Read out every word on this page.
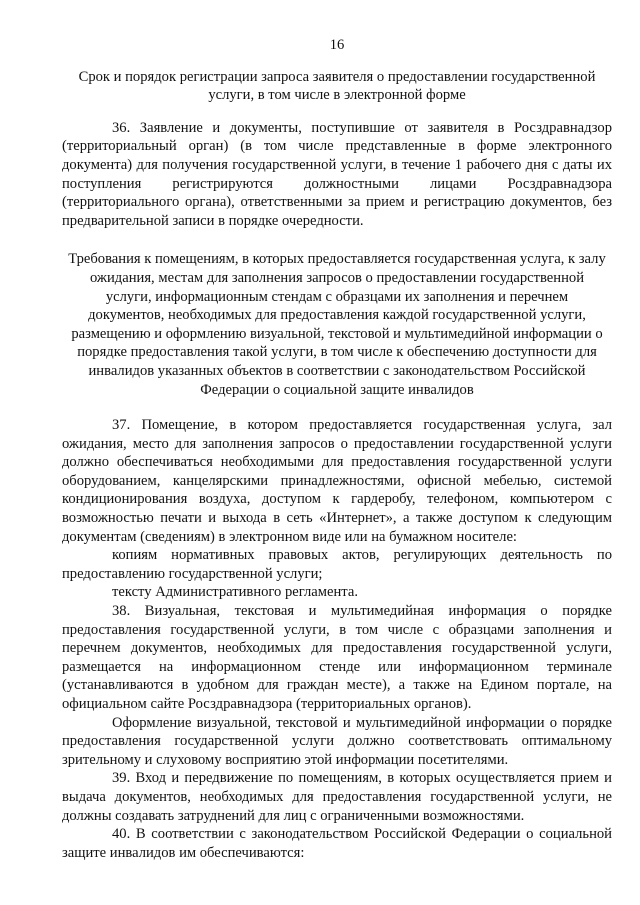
16
Срок и порядок регистрации запроса заявителя о предоставлении государственной услуги, в том числе в электронной форме

36. Заявление и документы, поступившие от заявителя в Росздравнадзор (территориальный орган) (в том числе представленные в форме электронного документа) для получения государственной услуги, в течение 1 рабочего дня с даты их поступления регистрируются должностными лицами Росздравнадзора (территориального органа), ответственными за прием и регистрацию документов, без предварительной записи в порядке очередности.

Требования к помещениям, в которых предоставляется государственная услуга, к залу ожидания, местам для заполнения запросов о предоставлении государственной услуги, информационным стендам с образцами их заполнения и перечнем документов, необходимых для предоставления каждой государственной услуги, размещению и оформлению визуальной, текстовой и мультимедийной информации о порядке предоставления такой услуги, в том числе к обеспечению доступности для инвалидов указанных объектов в соответствии с законодательством Российской Федерации о социальной защите инвалидов

37. Помещение, в котором предоставляется государственная услуга, зал ожидания, место для заполнения запросов о предоставлении государственной услуги должно обеспечиваться необходимыми для предоставления государственной услуги оборудованием, канцелярскими принадлежностями, офисной мебелью, системой кондиционирования воздуха, доступом к гардеробу, телефоном, компьютером с возможностью печати и выхода в сеть «Интернет», а также доступом к следующим документам (сведениям) в электронном виде или на бумажном носителе:

копиям нормативных правовых актов, регулирующих деятельность по предоставлению государственной услуги;

тексту Административного регламента.

38. Визуальная, текстовая и мультимедийная информация о порядке предоставления государственной услуги, в том числе с образцами заполнения и перечнем документов, необходимых для предоставления государственной услуги, размещается на информационном стенде или информационном терминале (устанавливаются в удобном для граждан месте), а также на Едином портале, на официальном сайте Росздравнадзора (территориальных органов).

Оформление визуальной, текстовой и мультимедийной информации о порядке предоставления государственной услуги должно соответствовать оптимальному зрительному и слуховому восприятию этой информации посетителями.

39. Вход и передвижение по помещениям, в которых осуществляется прием и выдача документов, необходимых для предоставления государственной услуги, не должны создавать затруднений для лиц с ограниченными возможностями.

40. В соответствии с законодательством Российской Федерации о социальной защите инвалидов им обеспечиваются:
